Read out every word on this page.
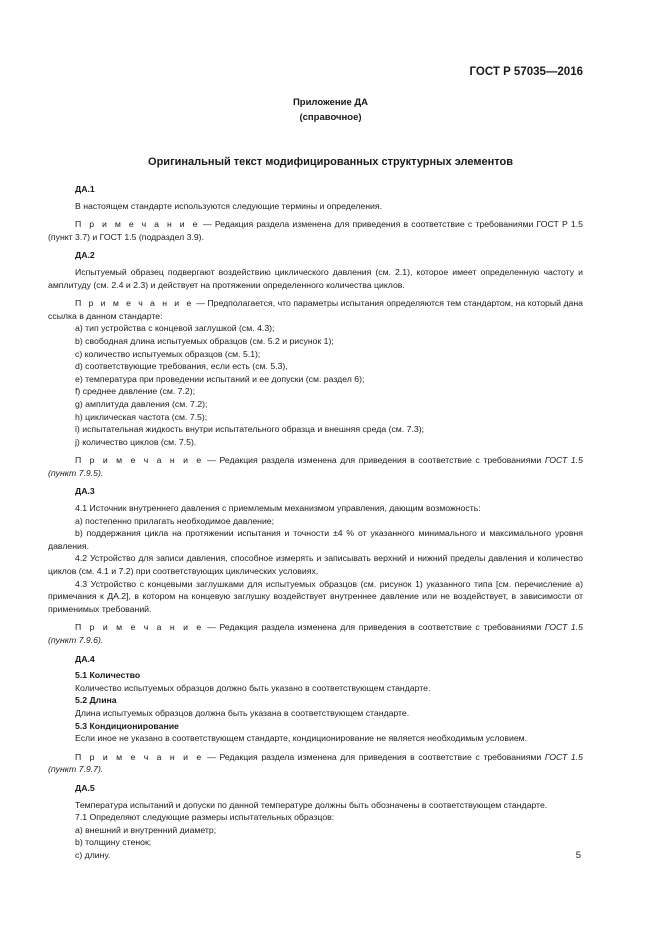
ГОСТ Р 57035—2016
Приложение ДА
(справочное)
Оригинальный текст модифицированных структурных элементов

ДА.1

В настоящем стандарте используются следующие термины и определения.

П р и м е ч а н и е — Редакция раздела изменена для приведения в соответствие с требованиями ГОСТ Р 1.5 (пункт 3.7) и ГОСТ 1.5 (подраздел 3.9).

ДА.2

Испытуемый образец подвергают воздействию циклического давления (см. 2.1), которое имеет определенную частоту и амплитуду (см. 2.4 и 2.3) и действует на протяжении определенного количества циклов.

П р и м е ч а н и е — Предполагается, что параметры испытания определяются тем стандартом, на который дана ссылка в данном стандарте:

a) тип устройства с концевой заглушкой (см. 4.3);

b) свободная длина испытуемых образцов (см. 5.2 и рисунок 1);

c) количество испытуемых образцов (см. 5.1);

d) соответствующие требования, если есть (см. 5.3),

e) температура при проведении испытаний и ее допуски (см. раздел 6);

f) среднее давление (см. 7.2);

g) амплитуда давления (см. 7.2);

h) циклическая частота (см. 7.5);

i) испытательная жидкость внутри испытательного образца и внешняя среда (см. 7.3);

j) количество циклов (см. 7.5).

П р и м е ч а н и е — Редакция раздела изменена для приведения в соответствие с требованиями ГОСТ 1.5 (пункт 7.9.5).

ДА.3

4.1 Источник внутреннего давления с приемлемым механизмом управления, дающим возможность:

a) постепенно прилагать необходимое давление;

b) поддержания цикла на протяжении испытания и точности ±4 % от указанного минимального и максимального уровня давления.

4.2 Устройство для записи давления, способное измерять и записывать верхний и нижний пределы давления и количество циклов (см. 4.1 и 7.2) при соответствующих циклических условиях.

4.3 Устройство с концевыми заглушками для испытуемых образцов (см. рисунок 1) указанного типа [см. перечисление a) примечания к ДА.2], в котором на концевую заглушку воздействует внутреннее давление или не воздействует, в зависимости от применимых требований.

П р и м е ч а н и е — Редакция раздела изменена для приведения в соответствие с требованиями ГОСТ 1.5 (пункт 7.9.6).

ДА.4

5.1 Количество

Количество испытуемых образцов должно быть указано в соответствующем стандарте.

5.2 Длина

Длина испытуемых образцов должна быть указана в соответствующем стандарте.

5.3 Кондиционирование

Если иное не указано в соответствующем стандарте, кондиционирование не является необходимым условием.

П р и м е ч а н и е — Редакция раздела изменена для приведения в соответствие с требованиями ГОСТ 1.5 (пункт 7.9.7).

ДА.5

Температура испытаний и допуски по данной температуре должны быть обозначены в соответствующем стандарте.

7.1 Определяют следующие размеры испытательных образцов:

a) внешний и внутренний диаметр;

b) толщину стенок;

c) длину.	5
